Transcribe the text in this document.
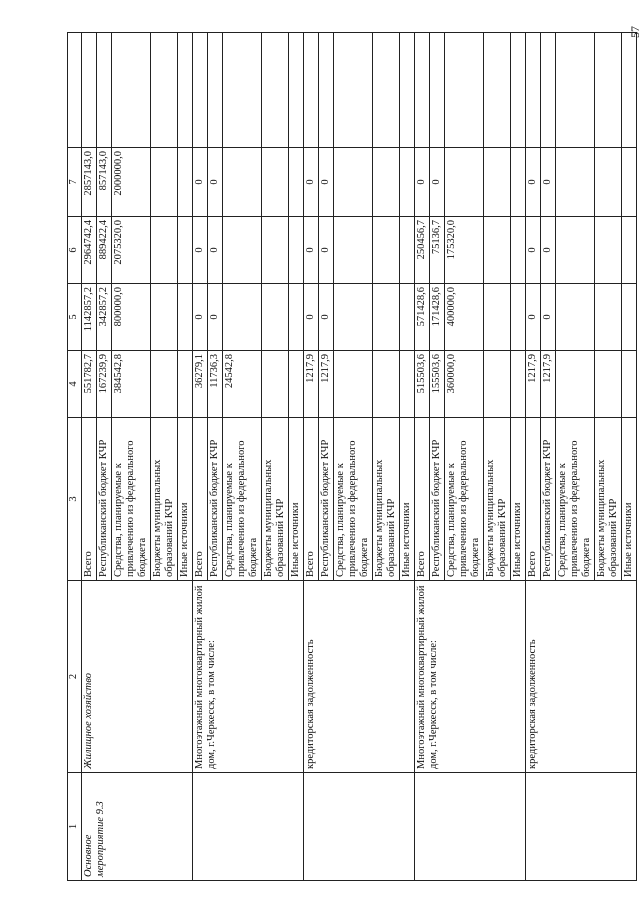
57
1	2	3	4	5	6	7	
Основное мероприятие 9.3	Жилищное хозяйство	Всего	551782,7	1142857,2	2964742,4	2857143,0	
		Республиканский бюджет КЧР	167239,9	342857,2	889422,4	857143,0	
		Средства, планируемые к привлечению из федерального бюджета	384542,8	800000,0	2075320,0	2000000,0	
		Бюджеты муниципальных образований КЧР					
		Иные источники					
	Многоэтажный многоквартирный жилой дом, г.Черкесск, в том числе:	Всего	36279,1	0	0	0	
		Республиканский бюджет КЧР	11736,3	0	0	0	
		Средства, планируемые к привлечению из федерального бюджета	24542,8				
		Бюджеты муниципальных образований КЧР					
		Иные источники					
	кредиторская задолженность	Всего	1217,9	0	0	0	
		Республиканский бюджет КЧР	1217,9	0	0	0	
		Средства, планируемые к привлечению из федерального бюджета					
		Бюджеты муниципальных образований КЧР					
		Иные источники					
	Многоэтажный многоквартирный жилой дом, г.Черкесск, в том числе:	Всего	515503,6	571428,6	250456,7	0	
		Республиканский бюджет КЧР	155503,6	171428,6	75136,7	0	
		Средства, планируемые к привлечению из федерального бюджета	360000,0	400000,0	175320,0		
		Бюджеты муниципальных образований КЧР					
		Иные источники					
	кредиторская задолженность	Всего	1217,9	0	0	0	
		Республиканский бюджет КЧР	1217,9	0	0	0	
		Средства, планируемые к привлечению из федерального бюджета					
		Бюджеты муниципальных образований КЧР					
		Иные источники					
